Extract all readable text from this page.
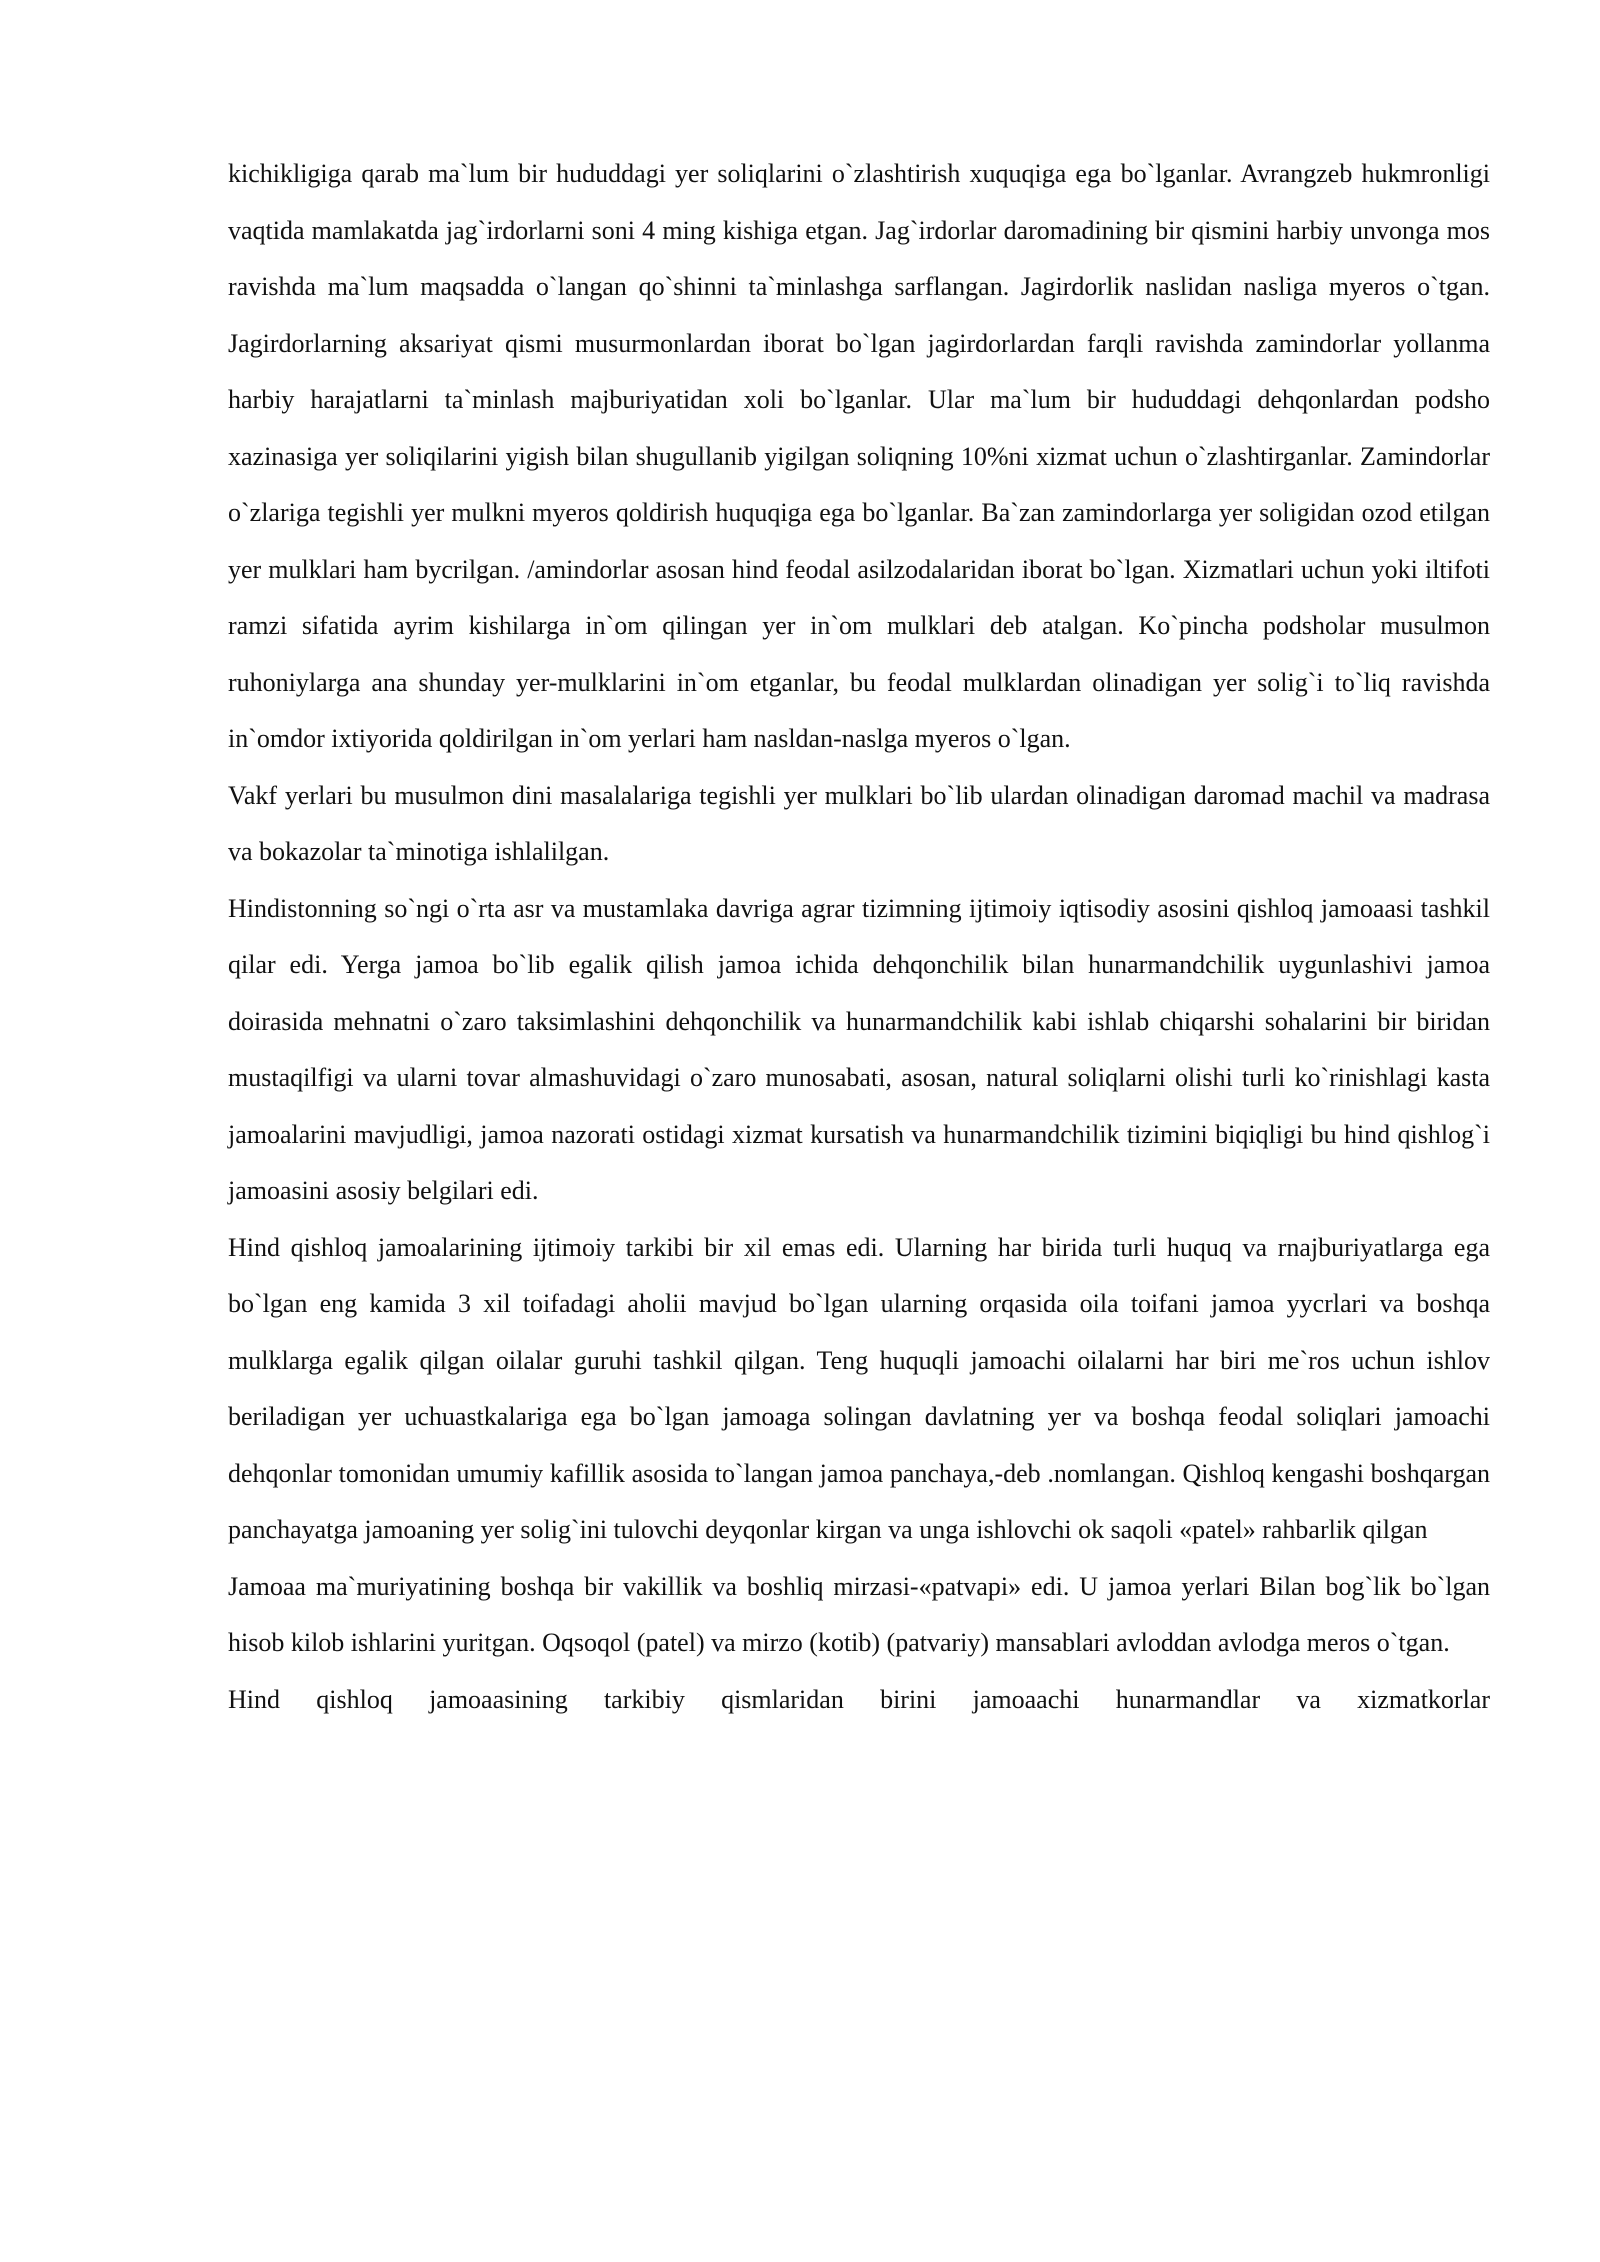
kichikligiga qarab ma`lum bir hududdagi yer soliqlarini o`zlashtirish xuquqiga ega bo`lganlar. Avrangzeb hukmronligi vaqtida mamlakatda jag`irdorlarni soni 4 ming kishiga etgan. Jag`irdorlar daromadining bir qismini harbiy unvonga mos ravishda ma`lum maqsadda o`langan qo`shinni ta`minlashga sarflangan. Jagirdorlik naslidan nasliga myeros o`tgan. Jagirdorlarning aksariyat qismi musurmonlardan iborat bo`lgan jagirdorlardan farqli ravishda zamindorlar yollanma harbiy harajatlarni ta`minlash majburiyatidan xoli bo`lganlar. Ular ma`lum bir hududdagi dehqonlardan podsho xazinasiga yer soliqilarini yigish bilan shugullanib yigilgan soliqning 10%ni xizmat uchun o`zlashtirganlar. Zamindorlar o`zlariga tegishli yer mulkni myeros qoldirish huquqiga ega bo`lganlar. Ba`zan zamindorlarga yer soligidan ozod etilgan yer mulklari ham bycrilgan. /amindorlar asosan hind feodal asilzodalaridan iborat bo`lgan. Xizmatlari uchun yoki iltifoti ramzi sifatida ayrim kishilarga in`om qilingan yer in`om mulklari deb atalgan. Ko`pincha podsholar musulmon ruhoniylarga ana shunday yer-mulklarini in`om etganlar, bu feodal mulklardan olinadigan yer solig`i to`liq ravishda in`omdor ixtiyorida qoldirilgan in`om yerlari ham nasldan-naslga myeros o`lgan.

Vakf yerlari bu musulmon dini masalalariga tegishli yer mulklari bo`lib ulardan olinadigan daromad machil va madrasa va bokazolar ta`minotiga ishlalilgan.

Hindistonning so`ngi o`rta asr va mustamlaka davriga agrar tizimning ijtimoiy iqtisodiy asosini qishloq jamoaasi tashkil qilar edi. Yerga jamoa bo`lib egalik qilish jamoa ichida dehqonchilik bilan hunarmandchilik uygunlashivi jamoa doirasida mehnatni o`zaro taksimlashini dehqonchilik va hunarmandchilik kabi ishlab chiqarshi sohalarini bir biridan mustaqilfigi va ularni tovar almashuvidagi o`zaro munosabati, asosan, natural soliqlarni olishi turli ko`rinishlagi kasta jamoalarini mavjudligi, jamoa nazorati ostidagi xizmat kursatish va hunarmandchilik tizimini biqiqligi bu hind qishlog`i jamoasini asosiy belgilari edi.

Hind qishloq jamoalarining ijtimoiy tarkibi bir xil emas edi. Ularning har birida turli huquq va rnajburiyatlarga ega bo`lgan eng kamida 3 xil toifadagi aholii mavjud bo`lgan ularning orqasida oila toifani jamoa yycrlari va boshqa mulklarga egalik qilgan oilalar guruhi tashkil qilgan. Teng huquqli jamoachi oilalarni har biri me`ros uchun ishlov beriladigan yer uchuastkalariga ega bo`lgan jamoaga solingan davlatning yer va boshqa feodal soliqlari jamoachi dehqonlar tomonidan umumiy kafillik asosida to`langan jamoa panchaya,-deb .nomlangan. Qishloq kengashi boshqargan panchayatga jamoaning yer solig`ini tulovchi deyqonlar kirgan va unga ishlovchi ok saqoli «patel» rahbarlik qilgan

Jamoaa ma`muriyatining boshqa bir vakillik va boshliq mirzasi-«patvapi» edi. U jamoa yerlari Bilan bog`lik bo`lgan hisob kilob ishlarini yuritgan. Oqsoqol (patel) va mirzo (kotib) (patvariy) mansablari avloddan avlodga meros o`tgan.

Hind qishloq jamoaasining tarkibiy qismlaridan birini jamoaachi hunarmandlar va xizmatkorlar
